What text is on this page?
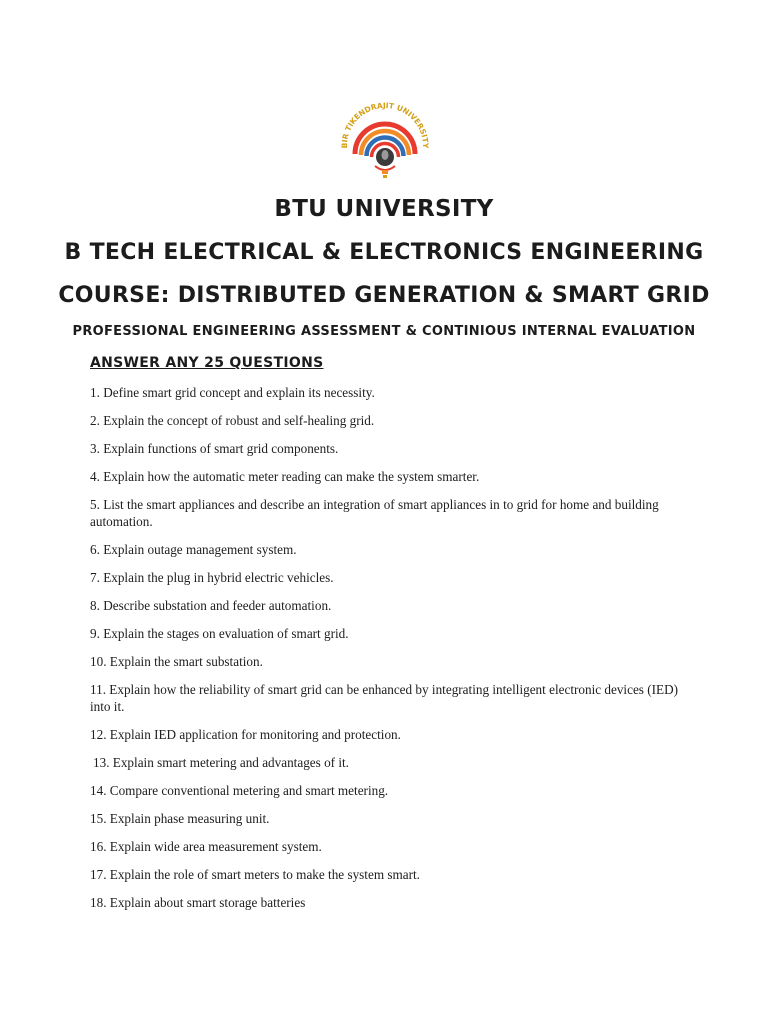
BIR TIKENDRAJIT UNIVERSITY
BTU UNIVERSITY
B TECH ELECTRICAL & ELECTRONICS ENGINEERING
COURSE: DISTRIBUTED GENERATION & SMART GRID
PROFESSIONAL ENGINEERING ASSESSMENT & CONTINIOUS INTERNAL EVALUATION
ANSWER ANY 25 QUESTIONS

1. Define smart grid concept and explain its necessity.

2. Explain the concept of robust and self-healing grid.

3. Explain functions of smart grid components.

4. Explain how the automatic meter reading can make the system smarter.

5. List the smart appliances and describe an integration of smart appliances in to grid for home and building automation.

6. Explain outage management system.

7. Explain the plug in hybrid electric vehicles.

8. Describe substation and feeder automation.

9. Explain the stages on evaluation of smart grid.

10. Explain the smart substation.

11. Explain how the reliability of smart grid can be enhanced by integrating intelligent electronic devices (IED) into it.

12. Explain IED application for monitoring and protection.

13. Explain smart metering and advantages of it.

14. Compare conventional metering and smart metering.

15. Explain phase measuring unit.

16. Explain wide area measurement system.

17. Explain the role of smart meters to make the system smart.

18. Explain about smart storage batteries
